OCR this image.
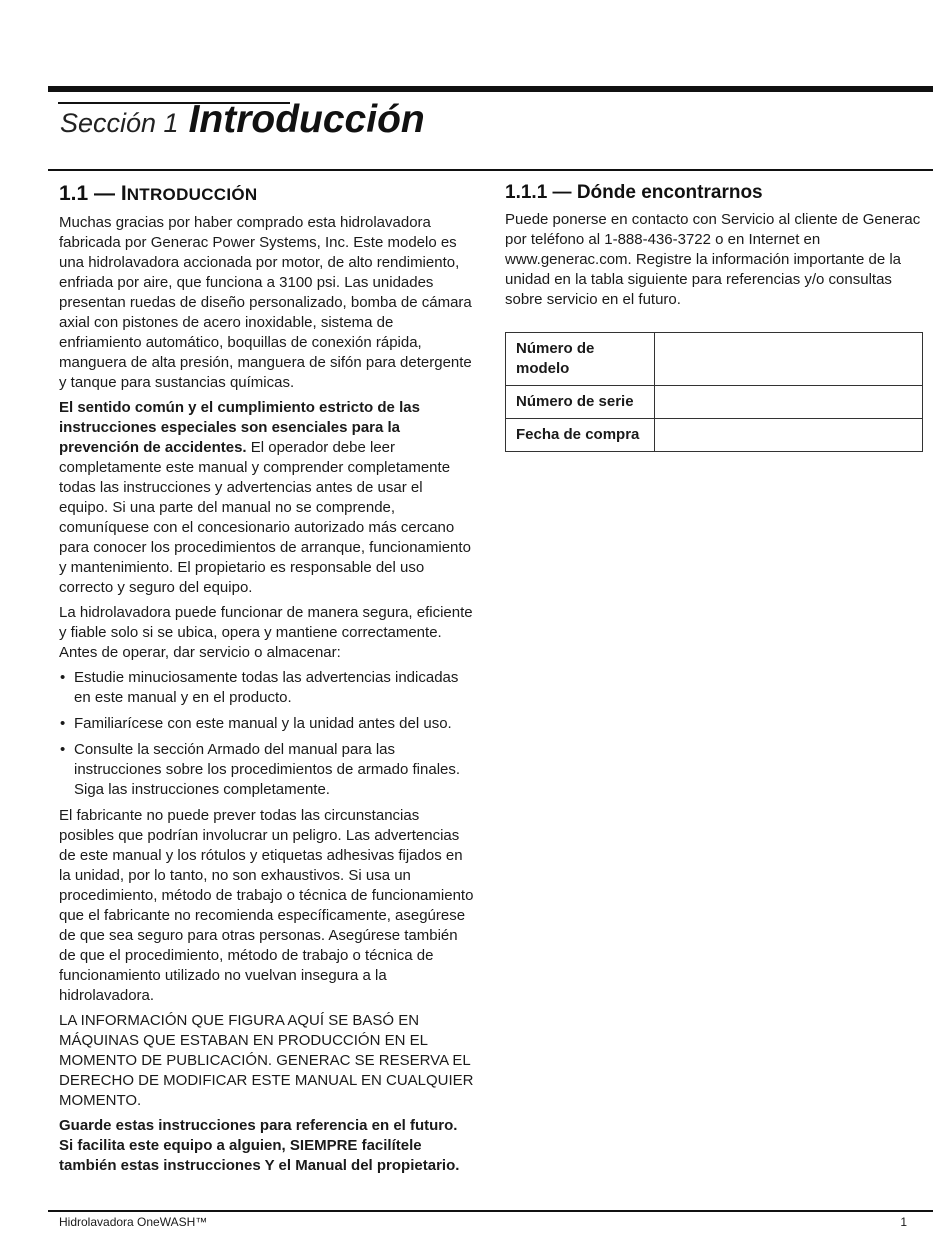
Sección 1 Introducción
1.1 — INTRODUCCIÓN

Muchas gracias por haber comprado esta hidrolavadora fabricada por Generac Power Systems, Inc. Este modelo es una hidrolavadora accionada por motor, de alto rendimiento, enfriada por aire, que funciona a 3100 psi. Las unidades presentan ruedas de diseño personalizado, bomba de cámara axial con pistones de acero inoxidable, sistema de enfriamiento automático, boquillas de conexión rápida, manguera de alta presión, manguera de sifón para detergente y tanque para sustancias químicas.

El sentido común y el cumplimiento estricto de las instrucciones especiales son esenciales para la prevención de accidentes. El operador debe leer completamente este manual y comprender completamente todas las instrucciones y advertencias antes de usar el equipo. Si una parte del manual no se comprende, comuníquese con el concesionario autorizado más cercano para conocer los procedimientos de arranque, funcionamiento y mantenimiento. El propietario es responsable del uso correcto y seguro del equipo.

La hidrolavadora puede funcionar de manera segura, eficiente y fiable solo si se ubica, opera y mantiene correctamente. Antes de operar, dar servicio o almacenar:

• Estudie minuciosamente todas las advertencias indicadas en este manual y en el producto.
• Familiarícese con este manual y la unidad antes del uso.
• Consulte la sección Armado del manual para las instrucciones sobre los procedimientos de armado finales. Siga las instrucciones completamente.

El fabricante no puede prever todas las circunstancias posibles que podrían involucrar un peligro. Las advertencias de este manual y los rótulos y etiquetas adhesivas fijados en la unidad, por lo tanto, no son exhaustivos. Si usa un procedimiento, método de trabajo o técnica de funcionamiento que el fabricante no recomienda específicamente, asegúrese de que sea seguro para otras personas. Asegúrese también de que el procedimiento, método de trabajo o técnica de funcionamiento utilizado no vuelvan insegura a la hidrolavadora.

LA INFORMACIÓN QUE FIGURA AQUÍ SE BASÓ EN MÁQUINAS QUE ESTABAN EN PRODUCCIÓN EN EL MOMENTO DE PUBLICACIÓN. GENERAC SE RESERVA EL DERECHO DE MODIFICAR ESTE MANUAL EN CUALQUIER MOMENTO.

Guarde estas instrucciones para referencia en el futuro. Si facilita este equipo a alguien, SIEMPRE facilítele también estas instrucciones Y el Manual del propietario.

1.1.1 — Dónde encontrarnos

Puede ponerse en contacto con Servicio al cliente de Generac por teléfono al 1-888-436-3722 o en Internet en www.generac.com. Registre la información importante de la unidad en la tabla siguiente para referencias y/o consultas sobre servicio en el futuro.

Número de modelo	
Número de serie	
Fecha de compra	
Hidrolavadora OneWASH™	1
